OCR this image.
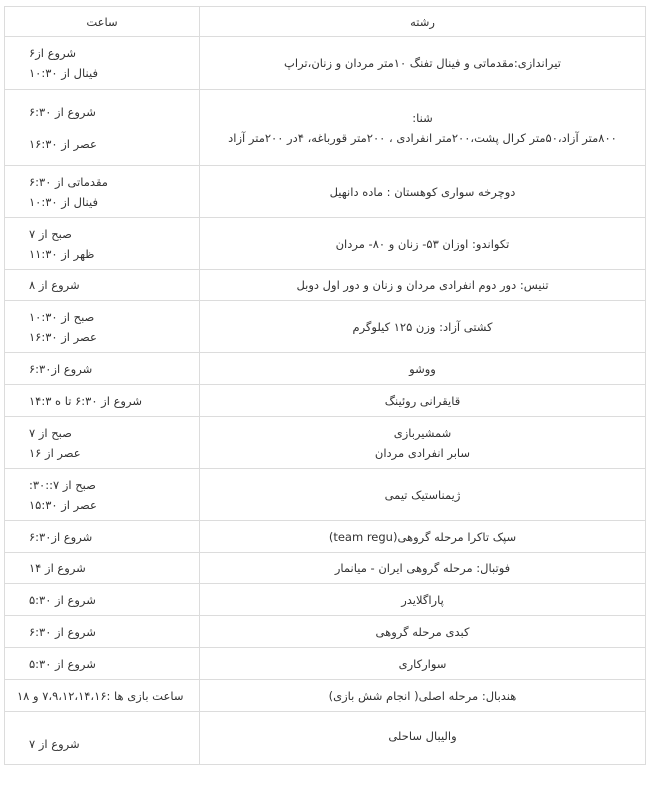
رشته	ساعت

تیراندازی:مقدماتی و فینال تفنگ ۱۰متر مردان و زنان،تراپ	شروع از۶
فینال از ۱۰:۳۰

شنا:
۸۰۰متر آزاد،۵۰متر کرال پشت،۲۰۰متر انفرادی ، ۲۰۰متر قورباغه، ۴در ۲۰۰متر آزاد	شروع از ۶:۳۰
عصر از ۱۶:۳۰

دوچرخه سواری کوهستان : ماده دانهیل	مقدماتی از ۶:۳۰
فینال از ۱۰:۳۰

تکواندو: اوزان ۵۳- زنان و ۸۰- مردان	صبح از ۷
ظهر از ۱۱:۳۰

تنیس: دور دوم انفرادی مردان و زنان و دور اول دوبل	شروع از ۸

کشتی آزاد: وزن ۱۲۵ کیلوگرم	صبح از ۱۰:۳۰
عصر از ۱۶:۳۰

ووشو	شروع از۶:۳۰

قایقرانی روئینگ	شروع از ۶:۳۰ تا ه ۱۴:۳

شمشیربازی
سابر انفرادی مردان	صبح از ۷
عصر از ۱۶

ژیمناستیک تیمی	صبح از ۷::۳۰:
عصر از ۱۵:۳۰

سپک تاکرا مرحله گروهی(team regu)	شروع از۶:۳۰

فوتبال: مرحله گروهی ایران - میانمار	شروع از ۱۴

پاراگلایدر	شروع از ۵:۳۰

کبدی مرحله گروهی	شروع از ۶:۳۰

سوارکاری	شروع از ۵:۳۰

هندبال: مرحله اصلی( انجام شش بازی)	ساعت بازی ها :۷،۹،۱۲،۱۴،۱۶ و ۱۸

والیبال ساحلی	شروع از ۷
